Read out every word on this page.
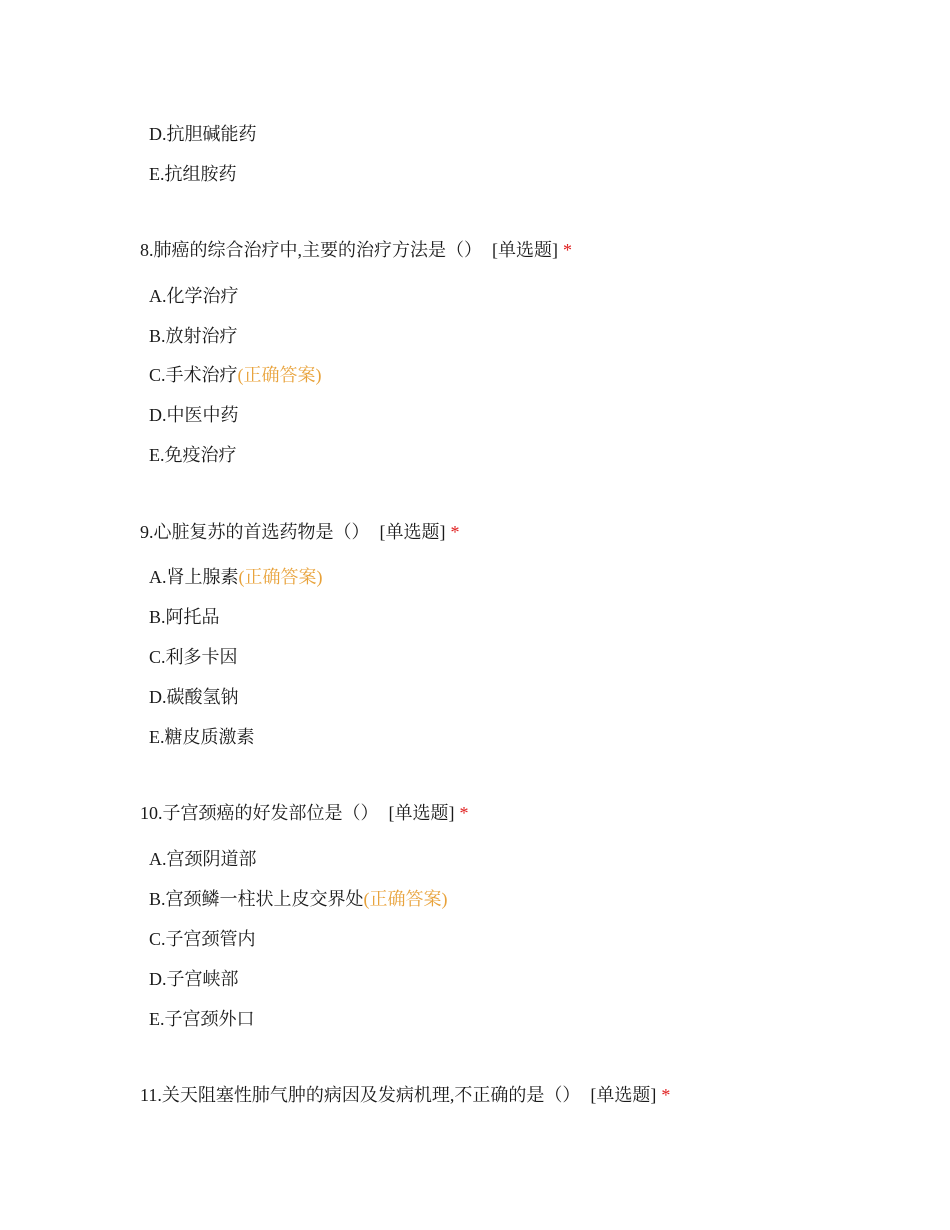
D.抗胆碱能药
E.抗组胺药
8.肺癌的综合治疗中,主要的治疗方法是（） [单选题] *
A.化学治疗
B.放射治疗
C.手术治疗(正确答案)
D.中医中药
E.免疫治疗
9.心脏复苏的首选药物是（） [单选题] *
A.肾上腺素(正确答案)
B.阿托品
C.利多卡因
D.碳酸氢钠
E.糖皮质激素
10.子宫颈癌的好发部位是（） [单选题] *
A.宫颈阴道部
B.宫颈鳞一柱状上皮交界处(正确答案)
C.子宫颈管内
D.子宫峡部
E.子宫颈外口
11.关天阻塞性肺气肿的病因及发病机理,不正确的是（） [单选题] *
